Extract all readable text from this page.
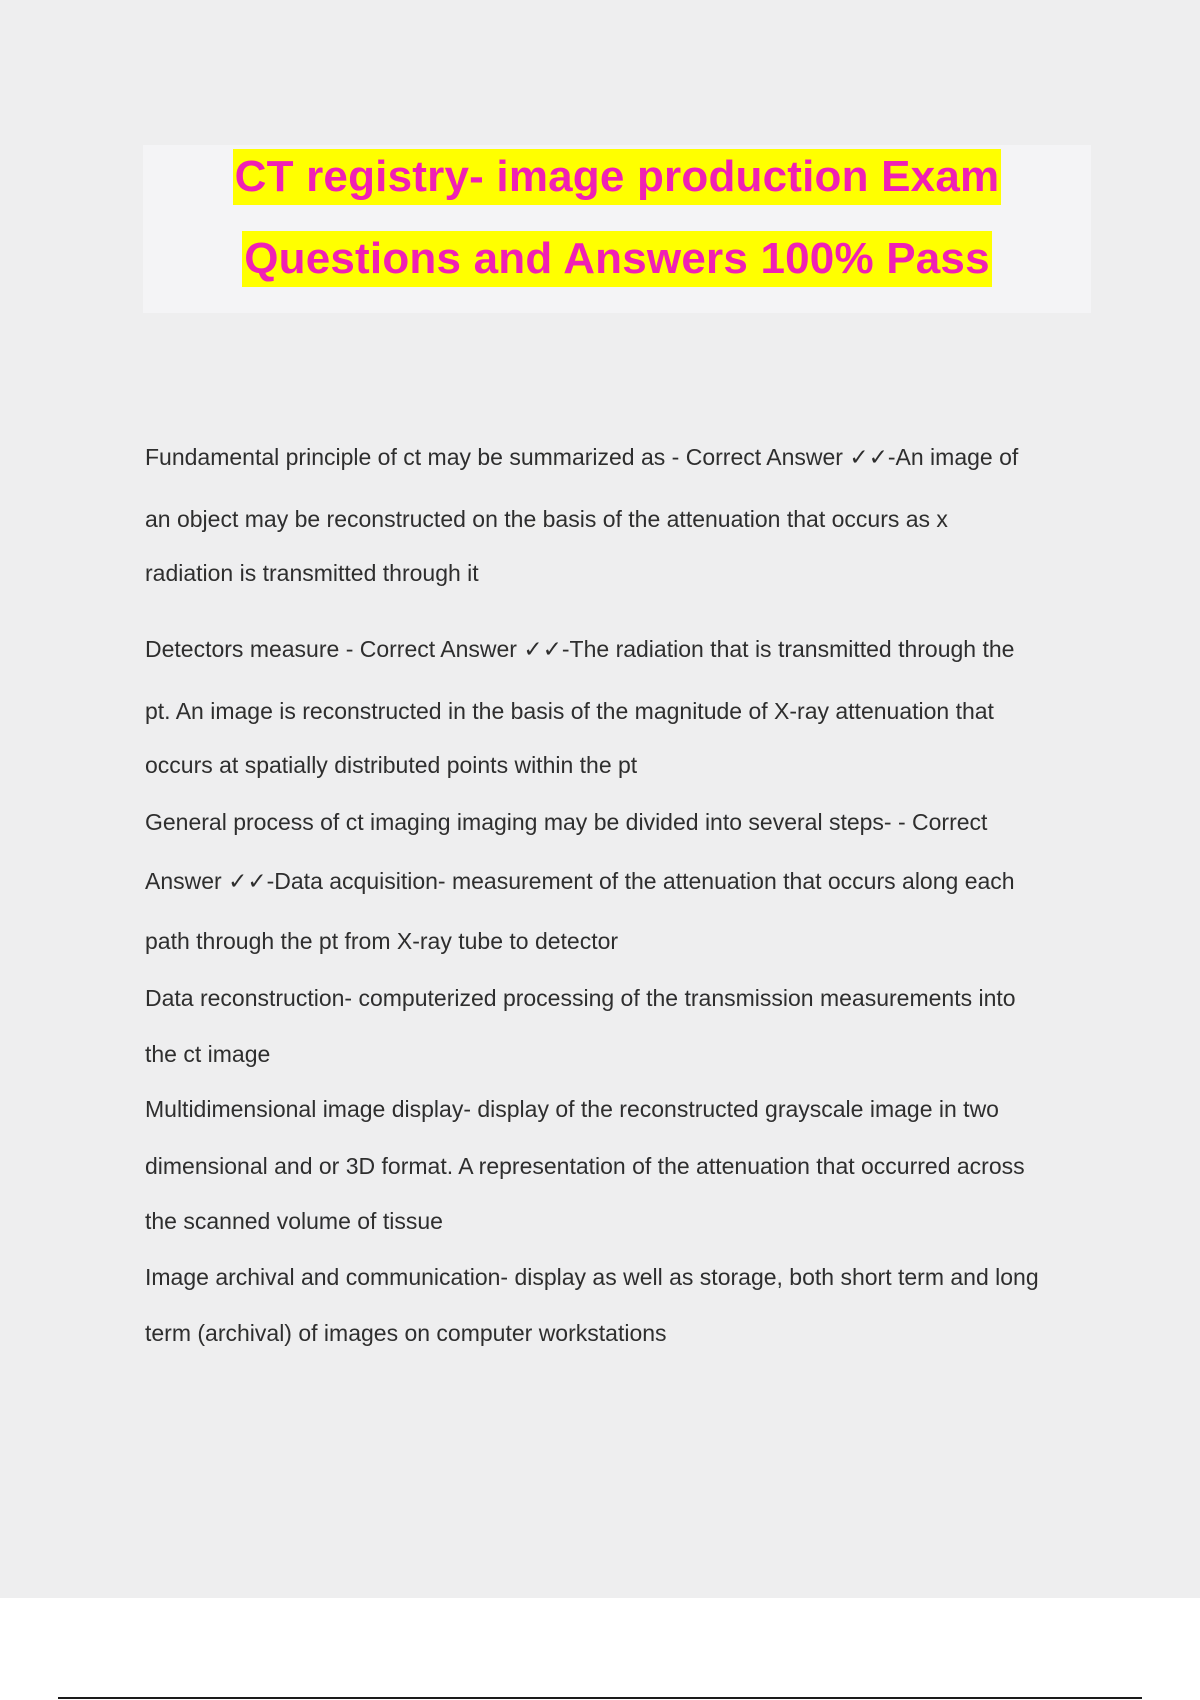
CT registry- image production Exam
Questions and Answers 100% Pass
Fundamental principle of ct may be summarized as - Correct Answer ✓✓-An image of
an object may be reconstructed on the basis of the attenuation that occurs as x
radiation is transmitted through it
Detectors measure - Correct Answer ✓✓-The radiation that is transmitted through the
pt. An image is reconstructed in the basis of the magnitude of X-ray attenuation that
occurs at spatially distributed points within the pt
General process of ct imaging imaging may be divided into several steps- - Correct
Answer ✓✓-Data acquisition- measurement of the attenuation that occurs along each
path through the pt from X-ray tube to detector
Data reconstruction- computerized processing of the transmission measurements into
the ct image
Multidimensional image display- display of the reconstructed grayscale image in two
dimensional and or 3D format. A representation of the attenuation that occurred across
the scanned volume of tissue
Image archival and communication- display as well as storage, both short term and long
term (archival) of images on computer workstations
